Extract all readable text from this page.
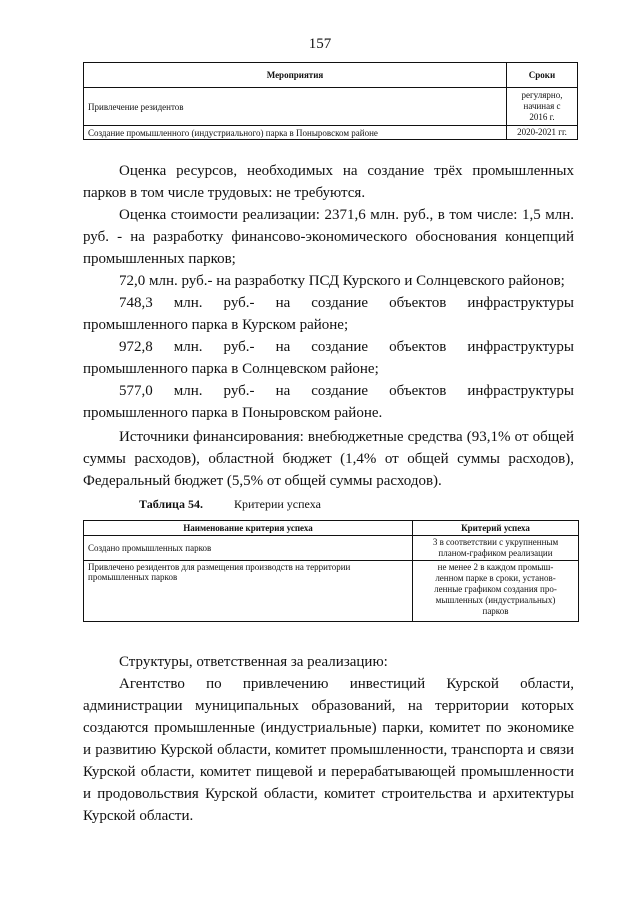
157
Мероприятия	Сроки
Привлечение резидентов	регулярно,
начиная с
2016 г.

Создание промышленного (индустриального) парка в Поныровском районе	2020-2021 гг.

Оценка ресурсов, необходимых на создание трёх промышленных парков в том числе трудовых: не требуются.

Оценка стоимости реализации: 2371,6 млн. руб., в том числе: 1,5 млн. руб. - на разработку финансово-экономического обоснования концепций промышленных парков;

72,0 млн. руб.- на разработку ПСД Курского и Солнцевского районов;

748,3 млн. руб.- на создание объектов инфраструктуры промышленного парка в Курском районе;

972,8 млн. руб.- на создание объектов инфраструктуры промышленного парка в Солнцевском районе;

577,0 млн. руб.- на создание объектов инфраструктуры промышленного парка в Поныровском районе.

Источники финансирования: внебюджетные средства (93,1% от общей суммы расходов), областной бюджет (1,4% от общей суммы расходов), Федеральный бюджет (5,5% от общей суммы расходов).

Таблица 54.	Критерии успеха
Наименование критерия успеха	Критерий успеха
Создано промышленных парков	3 в соответствии с укрупненным
планом-графиком реализации

Привлечено резидентов для размещения производств на территории промышленных парков	не менее 2 в каждом промыш-
ленном парке в сроки, установ-
ленные графиком создания про-
мышленных (индустриальных)
парков

Структуры, ответственная за реализацию:

Агентство по привлечению инвестиций Курской области, администрации муниципальных образований, на территории которых создаются промышленные (индустриальные) парки, комитет по экономике и развитию Курской области, комитет промышленности, транспорта и связи Курской области, комитет пищевой и перерабатывающей промышленности и продовольствия Курской области, комитет строительства и архитектуры Курской области.
